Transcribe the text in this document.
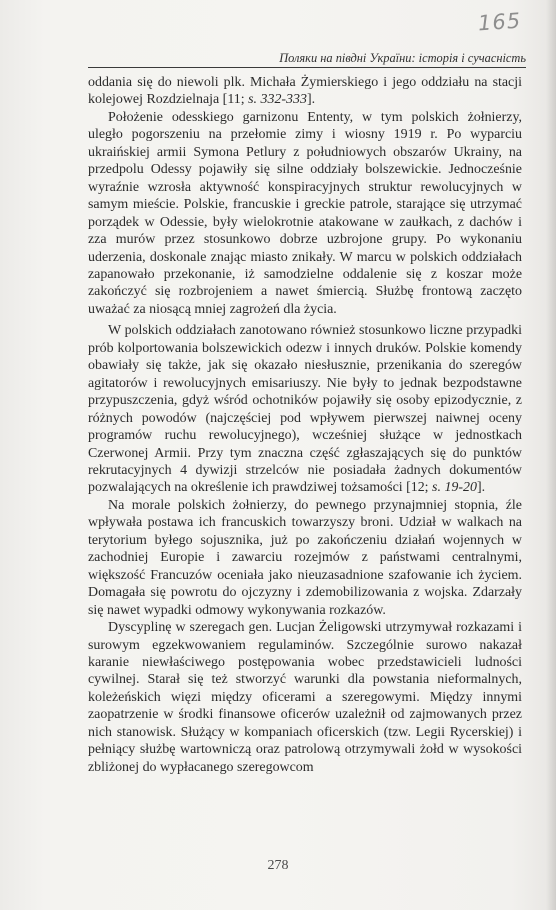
165
Поляки на півдні України: історія і сучасність

oddania się do niewoli plk. Michała Żymierskiego i jego oddziału na stacji kolejowej Rozdzielnaja [11; s. 332-333].

Położenie odesskiego garnizonu Ententy, w tym polskich żołnierzy, uległo pogorszeniu na przełomie zimy i wiosny 1919 r. Po wyparciu ukraińskiej armii Symona Petlury z południowych obszarów Ukrainy, na przedpolu Odessy pojawiły się silne oddziały bolszewickie. Jednocześnie wyraźnie wzrosła aktywność konspiracyjnych struktur rewolucyjnych w samym mieście. Polskie, francuskie i greckie patrole, starające się utrzymać porządek w Odessie, były wielokrotnie atakowane w zaułkach, z dachów i zza murów przez stosunkowo dobrze uzbrojone grupy. Po wykonaniu uderzenia, doskonale znając miasto znikały. W marcu w polskich oddziałach zapanowało przekonanie, iż samodzielne oddalenie się z koszar może zakończyć się rozbrojeniem a nawet śmiercią. Służbę frontową zaczęto uważać za niosącą mniej zagrożeń dla życia.

W polskich oddziałach zanotowano również stosunkowo liczne przypadki prób kolportowania bolszewickich odezw i innych druków. Polskie komendy obawiały się także, jak się okazało niesłusznie, przenikania do szeregów agitatorów i rewolucyjnych emisariuszy. Nie były to jednak bezpodstawne przypuszczenia, gdyż wśród ochotników pojawiły się osoby epizodycznie, z różnych powodów (najczęściej pod wpływem pierwszej naiwnej oceny programów ruchu rewolucyjnego), wcześniej służące w jednostkach Czerwonej Armii. Przy tym znaczna część zgłaszających się do punktów rekrutacyjnych 4 dywizji strzelców nie posiadała żadnych dokumentów pozwalających na określenie ich prawdziwej tożsamości [12; s. 19-20].

Na morale polskich żołnierzy, do pewnego przynajmniej stopnia, źle wpływała postawa ich francuskich towarzyszy broni. Udział w walkach na terytorium byłego sojusznika, już po zakończeniu działań wojennych w zachodniej Europie i zawarciu rozejmów z państwami centralnymi, większość Francuzów oceniała jako nieuzasadnione szafowanie ich życiem. Domagała się powrotu do ojczyzny i zdemobilizowania z wojska. Zdarzały się nawet wypadki odmowy wykonywania rozkazów.

Dyscyplinę w szeregach gen. Lucjan Żeligowski utrzymywał rozkazami i surowym egzekwowaniem regulaminów. Szczególnie surowo nakazał karanie niewłaściwego postępowania wobec przedstawicieli ludności cywilnej. Starał się też stworzyć warunki dla powstania nieformalnych, koleżeńskich więzi między oficerami a szeregowymi. Między innymi zaopatrzenie w środki finansowe oficerów uzależnił od zajmowanych przez nich stanowisk. Służący w kompaniach oficerskich (tzw. Legii Rycerskiej) i pełniący służbę wartowniczą oraz patrolową otrzymywali żołd w wysokości zbliżonej do wypłacanego szeregowcom

278
